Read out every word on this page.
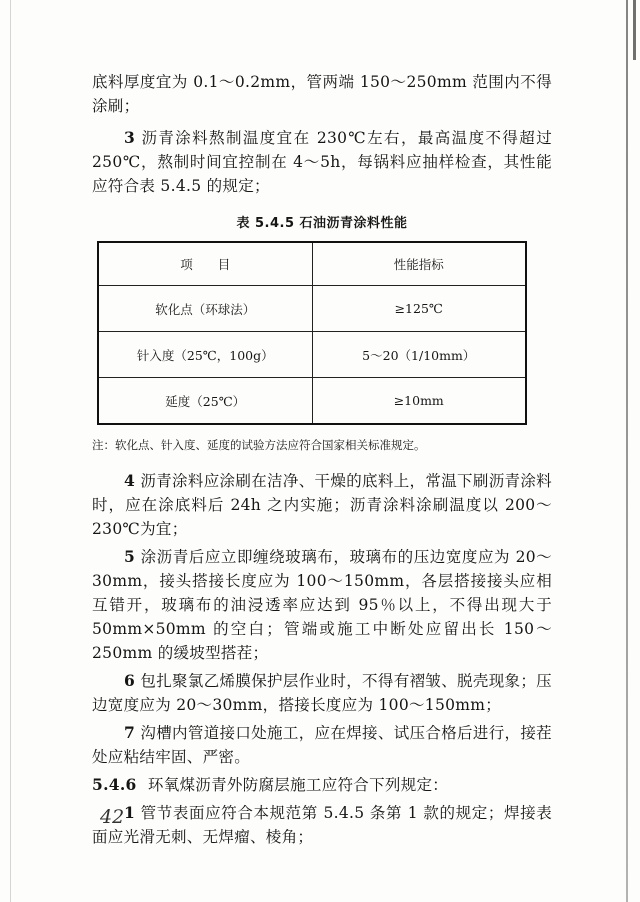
底料厚度宜为 0.1～0.2mm，管两端 150～250mm 范围内不得涂刷；

3 沥青涂料熬制温度宜在 230℃左右，最高温度不得超过 250℃，熬制时间宜控制在 4～5h，每锅料应抽样检查，其性能应符合表 5.4.5 的规定；

表 5.4.5 石油沥青涂料性能
项　　目	性能指标
软化点（环球法）	≥125℃
针入度（25℃，100g）	5～20（1/10mm）
延度（25℃）	≥10mm

注：软化点、针入度、延度的试验方法应符合国家相关标准规定。

4 沥青涂料应涂刷在洁净、干燥的底料上，常温下刷沥青涂料时，应在涂底料后 24h 之内实施；沥青涂料涂刷温度以 200～230℃为宜；

5 涂沥青后应立即缠绕玻璃布，玻璃布的压边宽度应为 20～30mm，接头搭接长度应为 100～150mm，各层搭接接头应相互错开，玻璃布的油浸透率应达到 95％以上，不得出现大于 50mm×50mm 的空白；管端或施工中断处应留出长 150～250mm 的缓坡型搭茬；

6 包扎聚氯乙烯膜保护层作业时，不得有褶皱、脱壳现象；压边宽度应为 20～30mm，搭接长度应为 100～150mm；

7 沟槽内管道接口处施工，应在焊接、试压合格后进行，接茬处应粘结牢固、严密。

5.4.6 环氧煤沥青外防腐层施工应符合下列规定：

1 管节表面应符合本规范第 5.4.5 条第 1 款的规定；焊接表面应光滑无刺、无焊瘤、棱角；

42
